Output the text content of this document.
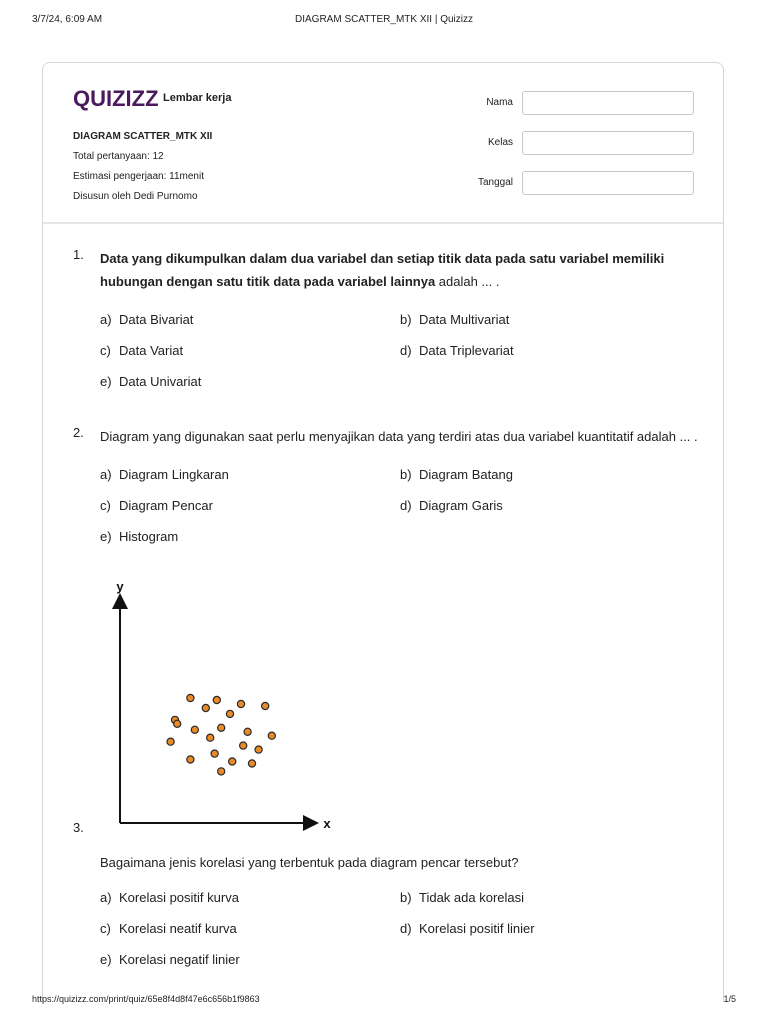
3/7/24, 6:09 AM	DIAGRAM SCATTER_MTK XII | Quizizz
QUIZIZZ Lembar kerja
DIAGRAM SCATTER_MTK XII
Total pertanyaan: 12
Estimasi pengerjaan: 11menit
Disusun oleh Dedi Purnomo
Nama
Kelas
Tanggal
1. Data yang dikumpulkan dalam dua variabel dan setiap titik data pada satu variabel memiliki hubungan dengan satu titik data pada variabel lainnya adalah ... .
a) Data Bivariat	b) Data Multivariat
c) Data Variat	d) Data Triplevariat
e) Data Univariat
2. Diagram yang digunakan saat perlu menyajikan data yang terdiri atas dua variabel kuantitatif adalah ... .
a) Diagram Lingkaran	b) Diagram Batang
c) Diagram Pencar	d) Diagram Garis
e) Histogram
y
x
3.
Bagaimana jenis korelasi yang terbentuk pada diagram pencar tersebut?
a) Korelasi positif kurva	b) Tidak ada korelasi
c) Korelasi neatif kurva	d) Korelasi positif linier
e) Korelasi negatif linier
https://quizizz.com/print/quiz/65e8f4d8f47e6c656b1f9863	1/5
